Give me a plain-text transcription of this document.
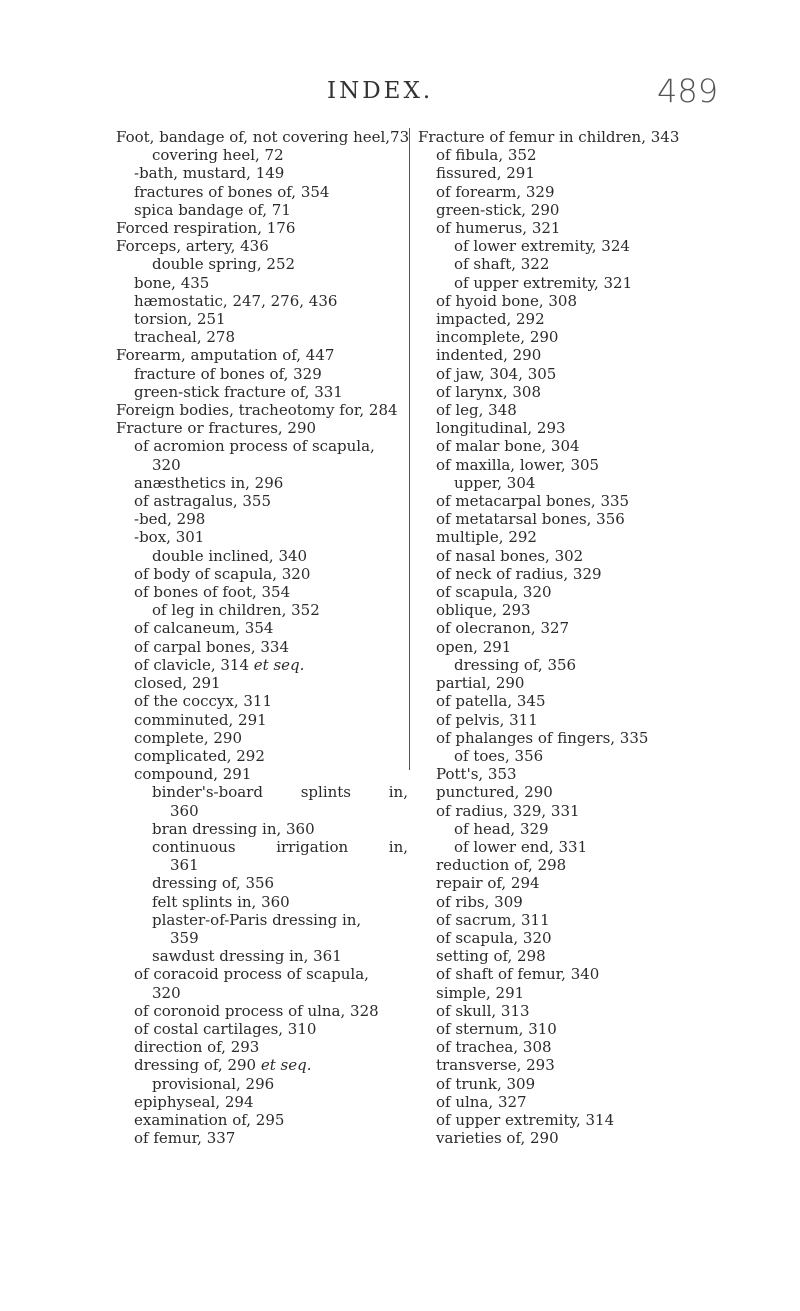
INDEX.	489
Foot, bandage of, not covering heel,73
covering heel, 72
-bath, mustard, 149
fractures of bones of, 354
spica bandage of, 71
Forced respiration, 176
Forceps, artery, 436
double spring, 252
bone, 435
hæmostatic, 247, 276, 436
torsion, 251
tracheal, 278
Forearm, amputation of, 447
fracture of bones of, 329
green-stick fracture of, 331
Foreign bodies, tracheotomy for, 284
Fracture or fractures, 290
of acromion process of scapula,
320
anæsthetics in, 296
of astragalus, 355
-bed, 298
-box, 301
double inclined, 340
of body of scapula, 320
of bones of foot, 354
of leg in children, 352
of calcaneum, 354
of carpal bones, 334
of clavicle, 314 et seq.
closed, 291
of the coccyx, 311
comminuted, 291
complete, 290
complicated, 292
compound, 291
binder's-board splints in,
360
bran dressing in, 360
continuous irrigation in,
361
dressing of, 356
felt splints in, 360
plaster-of-Paris dressing in,
359
sawdust dressing in, 361
of coracoid process of scapula,
320
of coronoid process of ulna, 328
of costal cartilages, 310
direction of, 293
dressing of, 290 et seq.
provisional, 296
epiphyseal, 294
examination of, 295
of femur, 337
Fracture of femur in children, 343
of fibula, 352
fissured, 291
of forearm, 329
green-stick, 290
of humerus, 321
of lower extremity, 324
of shaft, 322
of upper extremity, 321
of hyoid bone, 308
impacted, 292
incomplete, 290
indented, 290
of jaw, 304, 305
of larynx, 308
of leg, 348
longitudinal, 293
of malar bone, 304
of maxilla, lower, 305
upper, 304
of metacarpal bones, 335
of metatarsal bones, 356
multiple, 292
of nasal bones, 302
of neck of radius, 329
of scapula, 320
oblique, 293
of olecranon, 327
open, 291
dressing of, 356
partial, 290
of patella, 345
of pelvis, 311
of phalanges of fingers, 335
of toes, 356
Pott's, 353
punctured, 290
of radius, 329, 331
of head, 329
of lower end, 331
reduction of, 298
repair of, 294
of ribs, 309
of sacrum, 311
of scapula, 320
setting of, 298
of shaft of femur, 340
simple, 291
of skull, 313
of sternum, 310
of trachea, 308
transverse, 293
of trunk, 309
of ulna, 327
of upper extremity, 314
varieties of, 290
